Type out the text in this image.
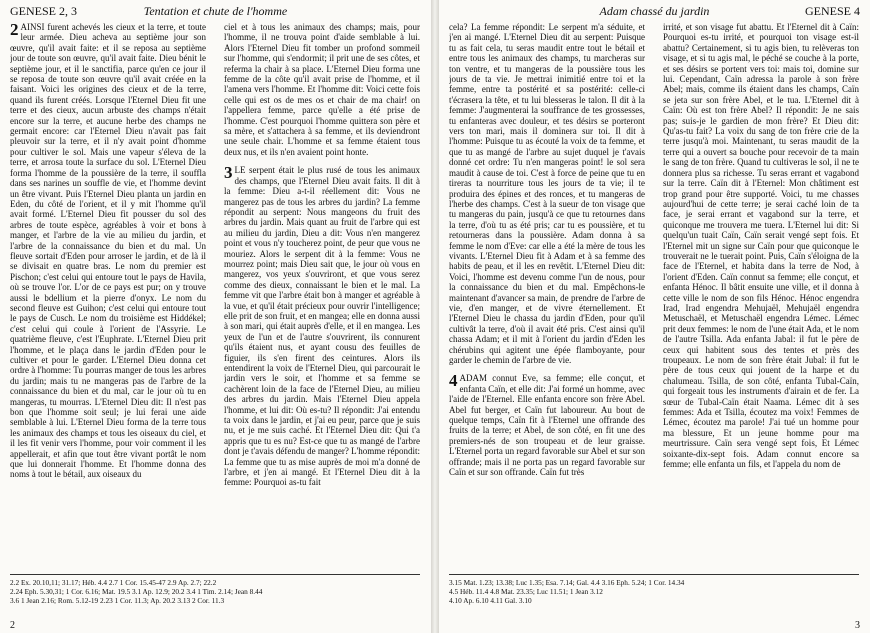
GENESE 2, 3	Tentation et chute de l'homme
2 AINSI furent achevés les cieux et la terre, et toute leur armée. Dieu acheva au septième jour son œuvre, qu'il avait faite: et il se reposa au septième jour de toute son œuvre, qu'il avait faite. Dieu bénit le septième jour, et il le sanctifia, parce qu'en ce jour il se reposa de toute son œuvre qu'il avait créée en la faisant. Voici les origines des cieux et de la terre, quand ils furent créés. Lorsque l'Eternel Dieu fit une terre et des cieux, aucun arbuste des champs n'était encore sur la terre, et aucune herbe des champs ne germait encore: car l'Eternel Dieu n'avait pas fait pleuvoir sur la terre, et il n'y avait point d'homme pour cultiver le sol. Mais une vapeur s'éleva de la terre, et arrosa toute la surface du sol. L'Eternel Dieu forma l'homme de la poussière de la terre, il souffla dans ses narines un souffle de vie, et l'homme devint un être vivant. Puis l'Eternel Dieu planta un jardin en Eden, du côté de l'orient, et il y mit l'homme qu'il avait formé. L'Eternel Dieu fit pousser du sol des arbres de toute espèce, agréables à voir et bons à manger, et l'arbre de la vie au milieu du jardin, et l'arbre de la connaissance du bien et du mal. Un fleuve sortait d'Eden pour arroser le jardin, et de là il se divisait en quatre bras. Le nom du premier est Pischon; c'est celui qui entoure tout le pays de Havila, où se trouve l'or. L'or de ce pays est pur; on y trouve aussi le bdellium et la pierre d'onyx. Le nom du second fleuve est Guihon; c'est celui qui entoure tout le pays de Cusch. Le nom du troisième est Hiddékel; c'est celui qui coule à l'orient de l'Assyrie. Le quatrième fleuve, c'est l'Euphrate. L'Eternel Dieu prit l'homme, et le plaça dans le jardin d'Eden pour le cultiver et pour le garder. L'Eternel Dieu donna cet ordre à l'homme: Tu pourras manger de tous les arbres du jardin; mais tu ne mangeras pas de l'arbre de la connaissance du bien et du mal, car le jour où tu en mangeras, tu mourras. L'Eternel Dieu dit: Il n'est pas bon que l'homme soit seul; je lui ferai une aide semblable à lui. L'Eternel Dieu forma de la terre tous les animaux des champs et tous les oiseaux du ciel, et il les fit venir vers l'homme, pour voir comment il les appellerait, et afin que tout être vivant portât le nom que lui donnerait l'homme. Et l'homme donna des noms à tout le bétail, aux oiseaux du
ciel et à tous les animaux des champs; mais, pour l'homme, il ne trouva point d'aide semblable à lui. Alors l'Eternel Dieu fit tomber un profond sommeil sur l'homme, qui s'endormit; il prit une de ses côtes, et referma la chair à sa place. L'Eternel Dieu forma une femme de la côte qu'il avait prise de l'homme, et il l'amena vers l'homme. Et l'homme dit: Voici cette fois celle qui est os de mes os et chair de ma chair! on l'appellera femme, parce qu'elle a été prise de l'homme. C'est pourquoi l'homme quittera son père et sa mère, et s'attachera à sa femme, et ils deviendront une seule chair. L'homme et sa femme étaient tous deux nus, et ils n'en avaient point honte.
3 LE serpent était le plus rusé de tous les animaux des champs, que l'Eternel Dieu avait faits. Il dit à la femme: Dieu a-t-il réellement dit: Vous ne mangerez pas de tous les arbres du jardin? La femme répondit au serpent: Nous mangeons du fruit des arbres du jardin. Mais quant au fruit de l'arbre qui est au milieu du jardin, Dieu a dit: Vous n'en mangerez point et vous n'y toucherez point, de peur que vous ne mouriez. Alors le serpent dit à la femme: Vous ne mourrez point; mais Dieu sait que, le jour où vous en mangerez, vos yeux s'ouvriront, et que vous serez comme des dieux, connaissant le bien et le mal. La femme vit que l'arbre était bon à manger et agréable à la vue, et qu'il était précieux pour ouvrir l'intelligence; elle prit de son fruit, et en mangea; elle en donna aussi à son mari, qui était auprès d'elle, et il en mangea. Les yeux de l'un et de l'autre s'ouvrirent, ils connurent qu'ils étaient nus, et ayant cousu des feuilles de figuier, ils s'en firent des ceintures. Alors ils entendirent la voix de l'Eternel Dieu, qui parcourait le jardin vers le soir, et l'homme et sa femme se cachèrent loin de la face de l'Eternel Dieu, au milieu des arbres du jardin. Mais l'Eternel Dieu appela l'homme, et lui dit: Où es-tu? Il répondit: J'ai entendu ta voix dans le jardin, et j'ai eu peur, parce que je suis nu, et je me suis caché. Et l'Eternel Dieu dit: Qui t'a appris que tu es nu? Est-ce que tu as mangé de l'arbre dont je t'avais défendu de manger? L'homme répondit: La femme que tu as mise auprès de moi m'a donné de l'arbre, et j'en ai mangé. Et l'Eternel Dieu dit à la femme: Pourquoi as-tu fait
2.2 Ex. 20.10,11; 31.17; Héb. 4.4 2.7 1 Cor. 15.45-47 2.9 Ap. 2.7; 22.2
2.24 Eph. 5.30,31; 1 Cor. 6.16; Mat. 19.5 3.1 Ap. 12.9; 20.2 3.4 1 Tim. 2.14; Jean 8.44
3.6 1 Jean 2.16; Rom. 5.12-19 2.23 1 Cor. 11.3; Ap. 20.2 3.13 2 Cor. 11.3
2
Adam chassé du jardin	GENESE 4
cela? La femme répondit: Le serpent m'a séduite, et j'en ai mangé. L'Eternel Dieu dit au serpent: Puisque tu as fait cela, tu seras maudit entre tout le bétail et entre tous les animaux des champs, tu marcheras sur ton ventre, et tu mangeras de la poussière tous les jours de ta vie. Je mettrai inimitié entre toi et la femme, entre ta postérité et sa postérité: celle-ci t'écrasera la tête, et tu lui blesseras le talon. Il dit à la femme: J'augmenterai la souffrance de tes grossesses, tu enfanteras avec douleur, et tes désirs se porteront vers ton mari, mais il dominera sur toi. Il dit à l'homme: Puisque tu as écouté la voix de ta femme, et que tu as mangé de l'arbre au sujet duquel je t'avais donné cet ordre: Tu n'en mangeras point! le sol sera maudit à cause de toi. C'est à force de peine que tu en tireras ta nourriture tous les jours de ta vie; il te produira des épines et des ronces, et tu mangeras de l'herbe des champs. C'est à la sueur de ton visage que tu mangeras du pain, jusqu'à ce que tu retournes dans la terre, d'où tu as été pris; car tu es poussière, et tu retourneras dans la poussière. Adam donna à sa femme le nom d'Eve: car elle a été la mère de tous les vivants. L'Eternel Dieu fit à Adam et à sa femme des habits de peau, et il les en revêtit. L'Eternel Dieu dit: Voici, l'homme est devenu comme l'un de nous, pour la connaissance du bien et du mal. Empêchons-le maintenant d'avancer sa main, de prendre de l'arbre de vie, d'en manger, et de vivre éternellement. Et l'Eternel Dieu le chassa du jardin d'Eden, pour qu'il cultivât la terre, d'où il avait été pris. C'est ainsi qu'il chassa Adam; et il mit à l'orient du jardin d'Eden les chérubins qui agitent une épée flamboyante, pour garder le chemin de l'arbre de vie.
4 ADAM connut Eve, sa femme; elle conçut, et enfanta Caïn, et elle dit: J'ai formé un homme, avec l'aide de l'Eternel. Elle enfanta encore son frère Abel. Abel fut berger, et Caïn fut laboureur. Au bout de quelque temps, Caïn fit à l'Eternel une offrande des fruits de la terre; et Abel, de son côté, en fit une des premiers-nés de son troupeau et de leur graisse. L'Eternel porta un regard favorable sur Abel et sur son offrande; mais il ne porta pas un regard favorable sur Caïn et sur son offrande. Caïn fut très
irrité, et son visage fut abattu. Et l'Eternel dit à Caïn: Pourquoi es-tu irrité, et pourquoi ton visage est-il abattu? Certainement, si tu agis bien, tu relèveras ton visage, et si tu agis mal, le péché se couche à la porte, et ses désirs se portent vers toi: mais toi, domine sur lui. Cependant, Caïn adressa la parole à son frère Abel; mais, comme ils étaient dans les champs, Caïn se jeta sur son frère Abel, et le tua. L'Eternel dit à Caïn: Où est ton frère Abel? Il répondit: Je ne sais pas; suis-je le gardien de mon frère? Et Dieu dit: Qu'as-tu fait? La voix du sang de ton frère crie de la terre jusqu'à moi. Maintenant, tu seras maudit de la terre qui a ouvert sa bouche pour recevoir de ta main le sang de ton frère. Quand tu cultiveras le sol, il ne te donnera plus sa richesse. Tu seras errant et vagabond sur la terre. Caïn dit à l'Eternel: Mon châtiment est trop grand pour être supporté. Voici, tu me chasses aujourd'hui de cette terre; je serai caché loin de ta face, je serai errant et vagabond sur la terre, et quiconque me trouvera me tuera. L'Eternel lui dit: Si quelqu'un tuait Caïn, Caïn serait vengé sept fois. Et l'Eternel mit un signe sur Caïn pour que quiconque le trouverait ne le tuerait point. Puis, Caïn s'éloigna de la face de l'Eternel, et habita dans la terre de Nod, à l'orient d'Eden. Caïn connut sa femme; elle conçut, et enfanta Hénoc. Il bâtit ensuite une ville, et il donna à cette ville le nom de son fils Hénoc. Hénoc engendra Irad, Irad engendra Mehujaël, Mehujaël engendra Metuschaël, et Metuschaël engendra Lémec. Lémec prit deux femmes: le nom de l'une était Ada, et le nom de l'autre Tsilla. Ada enfanta Jabal: il fut le père de ceux qui habitent sous des tentes et près des troupeaux. Le nom de son frère était Jubal: il fut le père de tous ceux qui jouent de la harpe et du chalumeau. Tsilla, de son côté, enfanta Tubal-Caïn, qui forgeait tous les instruments d'airain et de fer. La sœur de Tubal-Caïn était Naama. Lémec dit à ses femmes: Ada et Tsilla, écoutez ma voix! Femmes de Lémec, écoutez ma parole! J'ai tué un homme pour ma blessure, Et un jeune homme pour ma meurtrissure. Caïn sera vengé sept fois, Et Lémec soixante-dix-sept fois. Adam connut encore sa femme; elle enfanta un fils, et l'appela du nom de
3.15 Mat. 1.23; 13.38; Luc 1.35; Esa. 7.14; Gal. 4.4 3.16 Eph. 5.24; 1 Cor. 14.34
4.5 Héb. 11.4 4.8 Mat. 23.35; Luc 11.51; 1 Jean 3.12
4.10 Ap. 6.10 4.11 Gal. 3.10
3
